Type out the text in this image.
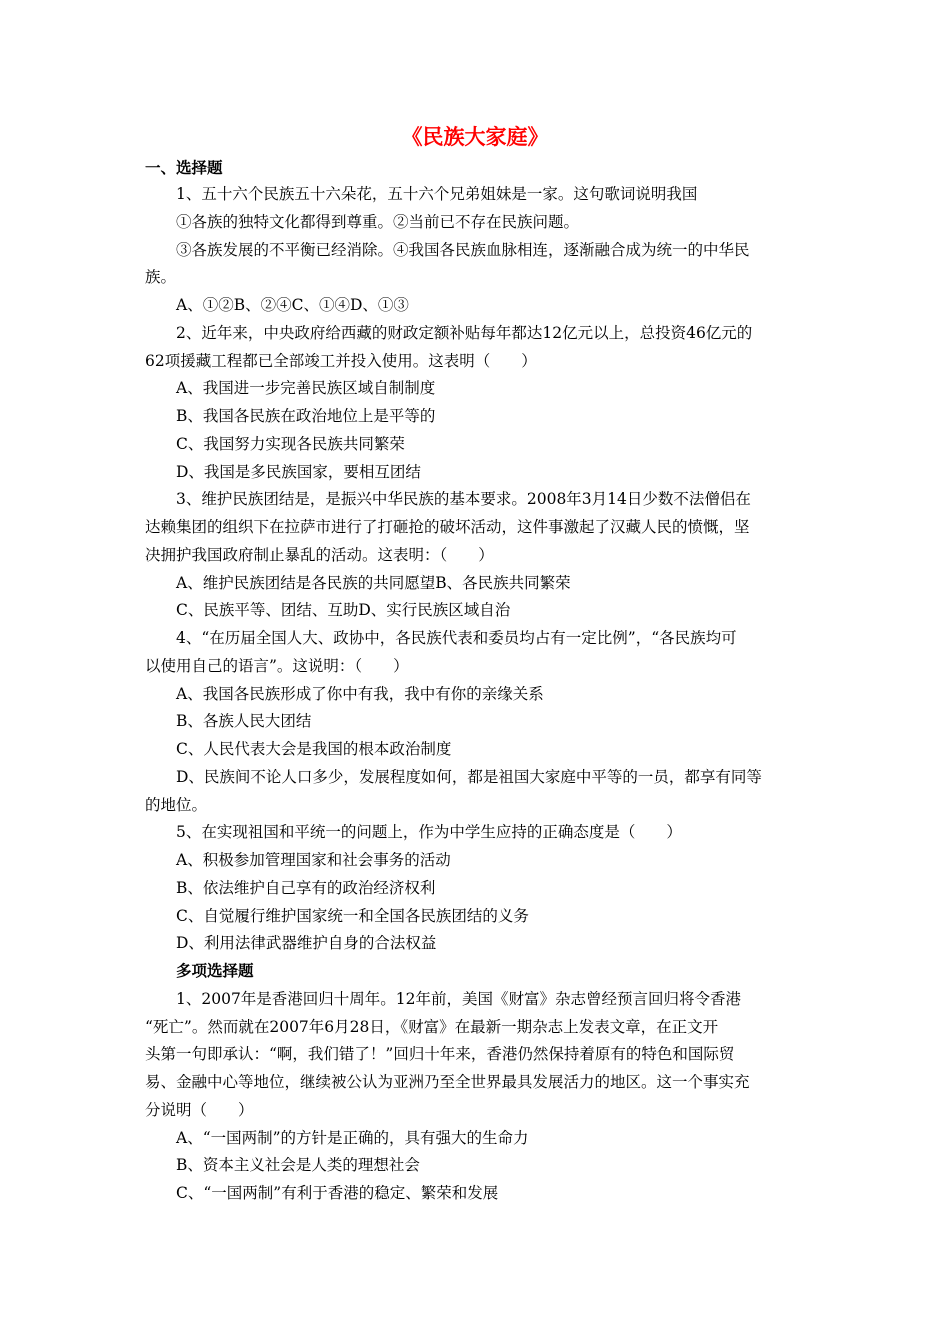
《民族大家庭》
一、选择题
1、五十六个民族五十六朵花，五十六个兄弟姐妹是一家。这句歌词说明我国
①各族的独特文化都得到尊重。②当前已不存在民族问题。
③各族发展的不平衡已经消除。④我国各民族血脉相连，逐渐融合成为统一的中华民
族。
A、①②B、②④C、①④D、①③
2、近年来，中央政府给西藏的财政定额补贴每年都达12亿元以上，总投资46亿元的
62项援藏工程都已全部竣工并投入使用。这表明（　　）
A、我国进一步完善民族区域自制制度
B、我国各民族在政治地位上是平等的
C、我国努力实现各民族共同繁荣
D、我国是多民族国家，要相互团结
3、维护民族团结是，是振兴中华民族的基本要求。2008年3月14日少数不法僧侣在
达赖集团的组织下在拉萨市进行了打砸抢的破坏活动，这件事激起了汉藏人民的愤慨，坚
决拥护我国政府制止暴乱的活动。这表明：（　　）
A、维护民族团结是各民族的共同愿望B、各民族共同繁荣
C、民族平等、团结、互助D、实行民族区域自治
4、“在历届全国人大、政协中，各民族代表和委员均占有一定比例”，“各民族均可
以使用自己的语言”。这说明：（　　）
A、我国各民族形成了你中有我，我中有你的亲缘关系
B、各族人民大团结
C、人民代表大会是我国的根本政治制度
D、民族间不论人口多少，发展程度如何，都是祖国大家庭中平等的一员，都享有同等
的地位。
5、在实现祖国和平统一的问题上，作为中学生应持的正确态度是（　　）
A、积极参加管理国家和社会事务的活动
B、依法维护自己享有的政治经济权利
C、自觉履行维护国家统一和全国各民族团结的义务
D、利用法律武器维护自身的合法权益
多项选择题
1、2007年是香港回归十周年。12年前，美国《财富》杂志曾经预言回归将令香港
“死亡”。然而就在2007年6月28日，《财富》在最新一期杂志上发表文章，在正文开
头第一句即承认：“啊，我们错了！”回归十年来，香港仍然保持着原有的特色和国际贸
易、金融中心等地位，继续被公认为亚洲乃至全世界最具发展活力的地区。这一个事实充
分说明（　　）
A、“一国两制”的方针是正确的，具有强大的生命力
B、资本主义社会是人类的理想社会
C、“一国两制”有利于香港的稳定、繁荣和发展
